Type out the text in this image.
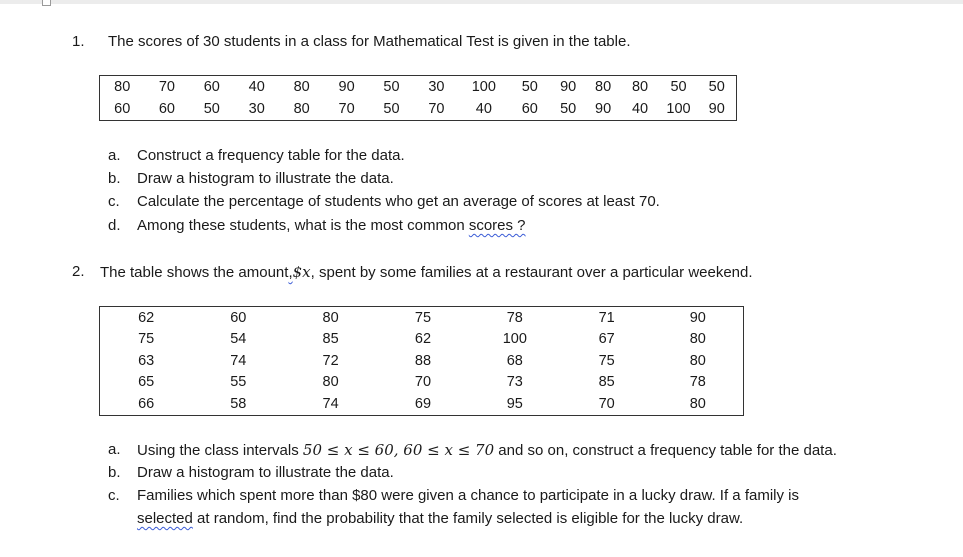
1. The scores of 30 students in a class for Mathematical Test is given in the table.
80	70	60	40	80	90	50	30	100	50	90	80	80	50	50
60	60	50	30	80	70	50	70	40	60	50	90	40	100	90
a. Construct a frequency table for the data.
b. Draw a histogram to illustrate the data.
c. Calculate the percentage of students who get an average of scores at least 70.
d. Among these students, what is the most common scores ?
2. The table shows the amount,$x, spent by some families at a restaurant over a particular weekend.
62	60	80	75	78	71	90
75	54	85	62	100	67	80
63	74	72	88	68	75	80
65	55	80	70	73	85	78
66	58	74	69	95	70	80
a. Using the class intervals 50 ≤ x ≤ 60, 60 ≤ x ≤ 70 and so on, construct a frequency table for the data.
b. Draw a histogram to illustrate the data.
c. Families which spent more than $80 were given a chance to participate in a lucky draw. If a family is
selected at random, find the probability that the family selected is eligible for the lucky draw.
